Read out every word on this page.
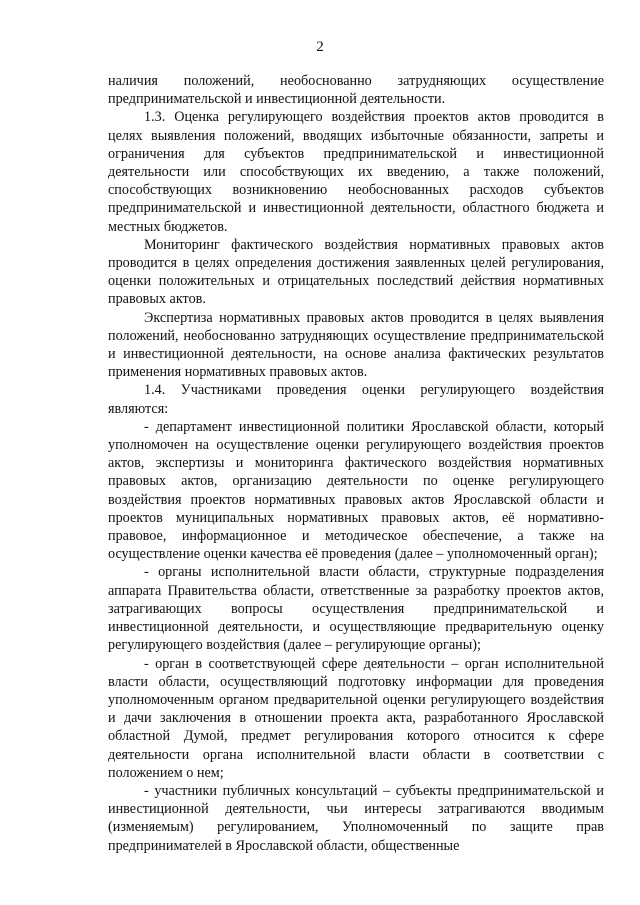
2

наличия положений, необоснованно затрудняющих осуществление предпринимательской и инвестиционной деятельности.

1.3. Оценка регулирующего воздействия проектов актов проводится в целях выявления положений, вводящих избыточные обязанности, запреты и ограничения для субъектов предпринимательской и инвестиционной деятельности или способствующих их введению, а также положений, способствующих возникновению необоснованных расходов субъектов предпринимательской и инвестиционной деятельности, областного бюджета и местных бюджетов.

Мониторинг фактического воздействия нормативных правовых актов проводится в целях определения достижения заявленных целей регулирования, оценки положительных и отрицательных последствий действия нормативных правовых актов.

Экспертиза нормативных правовых актов проводится в целях выявления положений, необоснованно затрудняющих осуществление предпринимательской и инвестиционной деятельности, на основе анализа фактических результатов применения нормативных правовых актов.

1.4. Участниками проведения оценки регулирующего воздействия являются:

- департамент инвестиционной политики Ярославской области, который уполномочен на осуществление оценки регулирующего воздействия проектов актов, экспертизы и мониторинга фактического воздействия нормативных правовых актов, организацию деятельности по оценке регулирующего воздействия проектов нормативных правовых актов Ярославской области и проектов муниципальных нормативных правовых актов, её нормативно-правовое, информационное и методическое обеспечение, а также на осуществление оценки качества её проведения (далее – уполномоченный орган);

- органы исполнительной власти области, структурные подразделения аппарата Правительства области, ответственные за разработку проектов актов, затрагивающих вопросы осуществления предпринимательской и инвестиционной деятельности, и осуществляющие предварительную оценку регулирующего воздействия (далее – регулирующие органы);

- орган в соответствующей сфере деятельности – орган исполнительной власти области, осуществляющий подготовку информации для проведения уполномоченным органом предварительной оценки регулирующего воздействия и дачи заключения в отношении проекта акта, разработанного Ярославской областной Думой, предмет регулирования которого относится к сфере деятельности органа исполнительной власти области в соответствии с положением о нем;

- участники публичных консультаций – субъекты предпринимательской и инвестиционной деятельности, чьи интересы затрагиваются вводимым (изменяемым) регулированием, Уполномоченный по защите прав предпринимателей в Ярославской области, общественные
